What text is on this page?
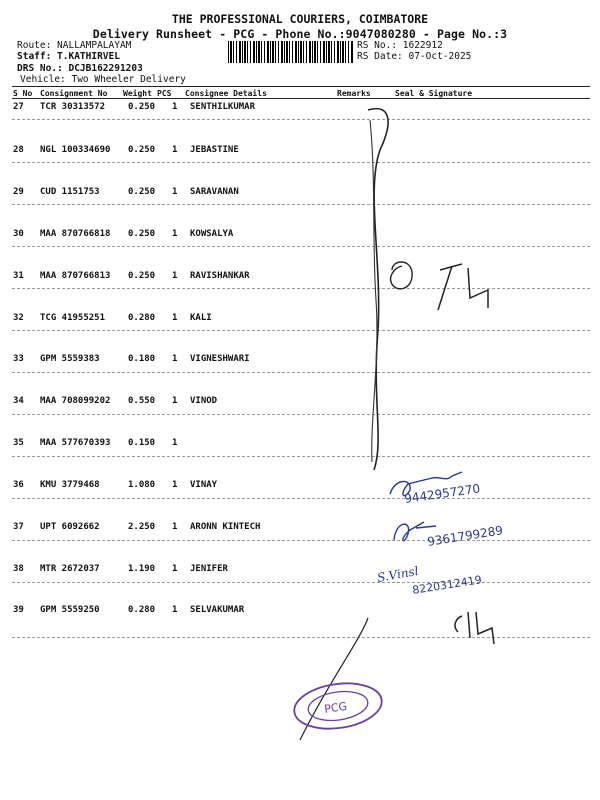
THE PROFESSIONAL COURIERS, COIMBATORE
Delivery Runsheet - PCG - Phone No.:9047080280 - Page No.:3
Route: NALLAMPALAYAM
Staff: T.KATHIRVEL
DRS No.: DCJB162291203
Vehicle: Two Wheeler Delivery
RS No.: 1622912
RS Date: 07-Oct-2025
S No Consignment No Weight PCS Consignee Details	Remarks	Seal & Signature
27 TCR 30313572	0.250 1 SENTHILKUMAR
28 NGL 100334690 0.250 1 JEBASTINE
29 CUD 1151753	0.250 1 SARAVANAN
30 MAA 870766818 0.250 1 KOWSALYA
31 MAA 870766813 0.250 1 RAVISHANKAR
32 TCG 41955251	0.280 1 KALI
33 GPM 5559383	0.180 1 VIGNESHWARI
34 MAA 708099202 0.550 1 VINOD
35 MAA 577670393 0.150 1
36 KMU 3779468	1.080 1 VINAY
37 UPT 6092662	2.250 1 ARONN KINTECH
38 MTR 2672037	1.190 1 JENIFER
39 GPM 5559250	0.280 1 SELVAKUMAR
9442957270
9361799289
S.Vinsl
8220312419
PCG
